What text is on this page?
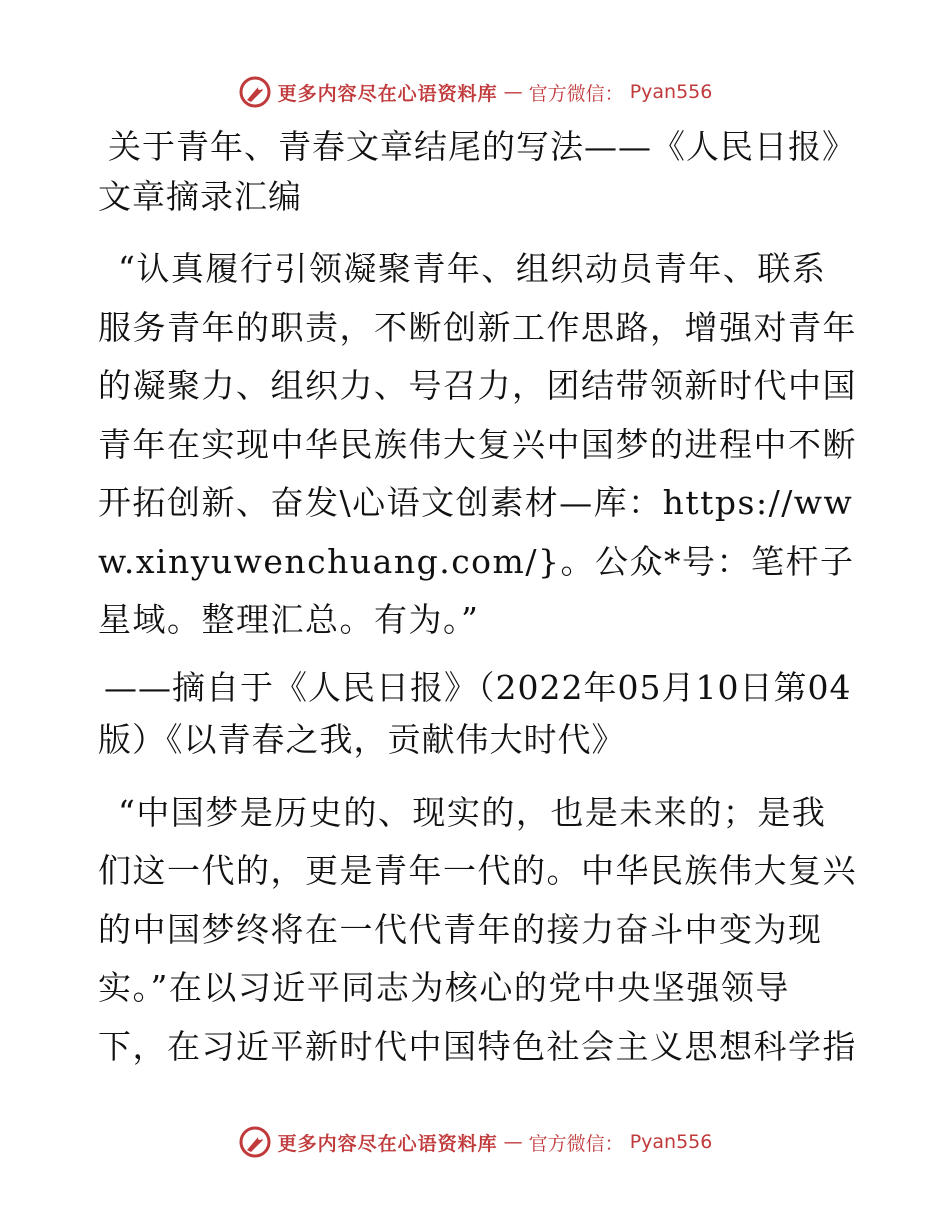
更多内容尽在心语资料库 — 官方微信： Pyan556
关于青年、青春文章结尾的写法——《人民日报》文章摘录汇编

“认真履行引领凝聚青年、组织动员青年、联系服务青年的职责，不断创新工作思路，增强对青年的凝聚力、组织力、号召力，团结带领新时代中国青年在实现中华民族伟大复兴中国梦的进程中不断开拓创新、奋发\心语文创素材—库：https://www.xinyuwenchuang.com/}。公众*号：笔杆子星域。整理汇总。有为。”

——摘自于《人民日报》（2022年05月10日第04版）《以青春之我，贡献伟大时代》

“中国梦是历史的、现实的，也是未来的；是我们这一代的，更是青年一代的。中华民族伟大复兴的中国梦终将在一代代青年的接力奋斗中变为现实。”在以习近平同志为核心的党中央坚强领导下，在习近平新时代中国特色社会主义思想科学指

更多内容尽在心语资料库 — 官方微信： Pyan556
